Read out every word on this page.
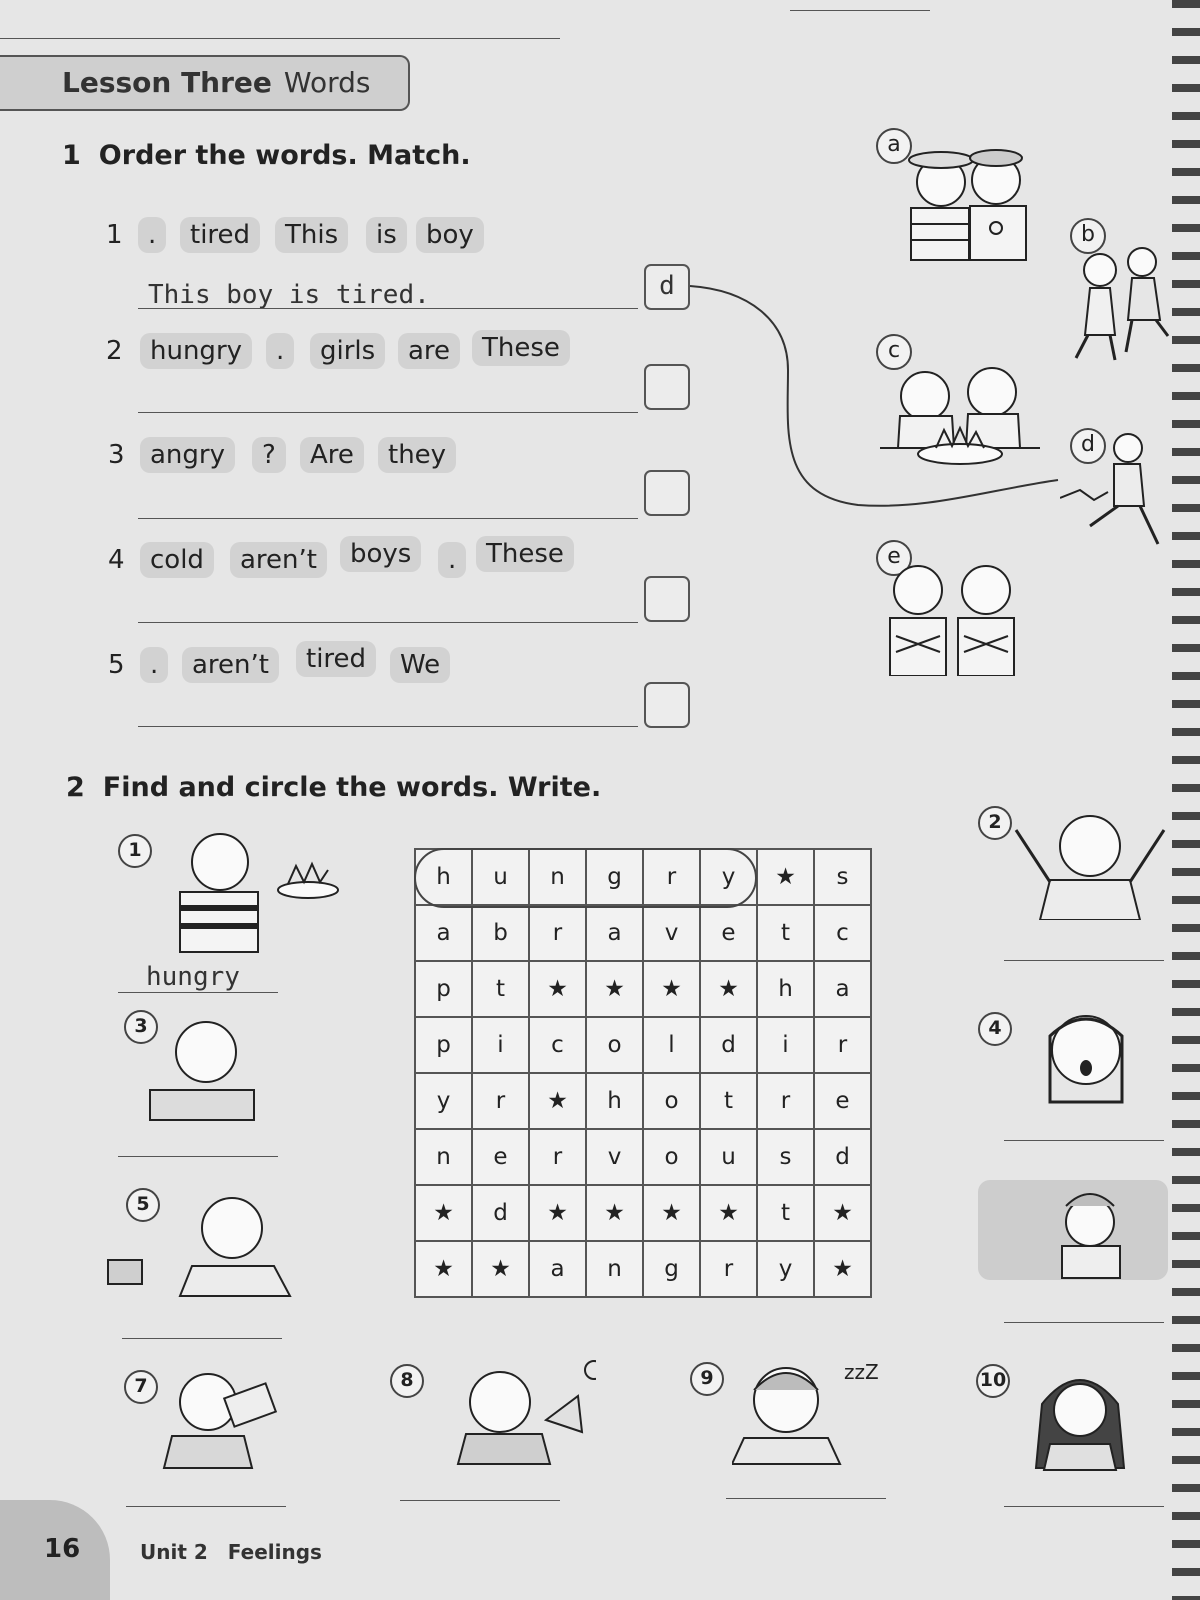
Lesson Three Words
1 Order the words. Match.
1 .	tired	This	is	boy
This boy is tired.	d
2	hungry	.	girls	are	These
3 angry	?	Are	they
4 cold	aren’t	boys	.	These
5 .	aren’t	tired	We
a
b
c
d
e
2 Find and circle the words. Write.
h	u	n	g	r	y	★	s
a	b	r	a	v	e	t	c
p	t	★	★	★	★	h	a
p	i	c	o	l	d	i	r
y	r	★	h	o	t	r	e
n	e	r	v	o	u	s	d
★	d	★	★	★	★	t	★
★	★	a	n	g	r	y	★
1
hungry
2
3	4
5
7	8	9	zzZ	10
16	Unit 2 Feelings
